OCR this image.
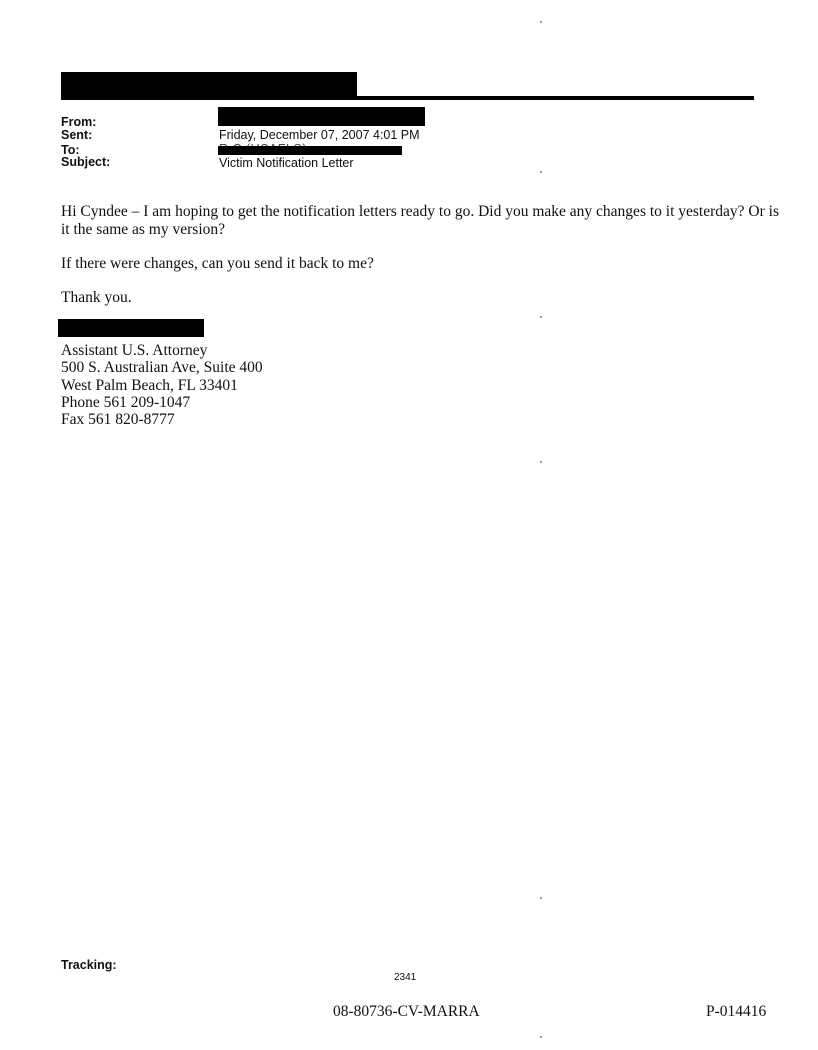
From:
Sent:
To:
Subject:
Friday, December 07, 2007 4:01 PM
Victim Notification Letter
Hi Cyndee – I am hoping to get the notification letters ready to go. Did you make any changes to it yesterday? Or is it the same as my version?
If there were changes, can you send it back to me?
Thank you.
Assistant U.S. Attorney
500 S. Australian Ave, Suite 400
West Palm Beach, FL 33401
Phone 561 209-1047
Fax 561 820-8777
Tracking:
2341
08-80736-CV-MARRA	P-014416
